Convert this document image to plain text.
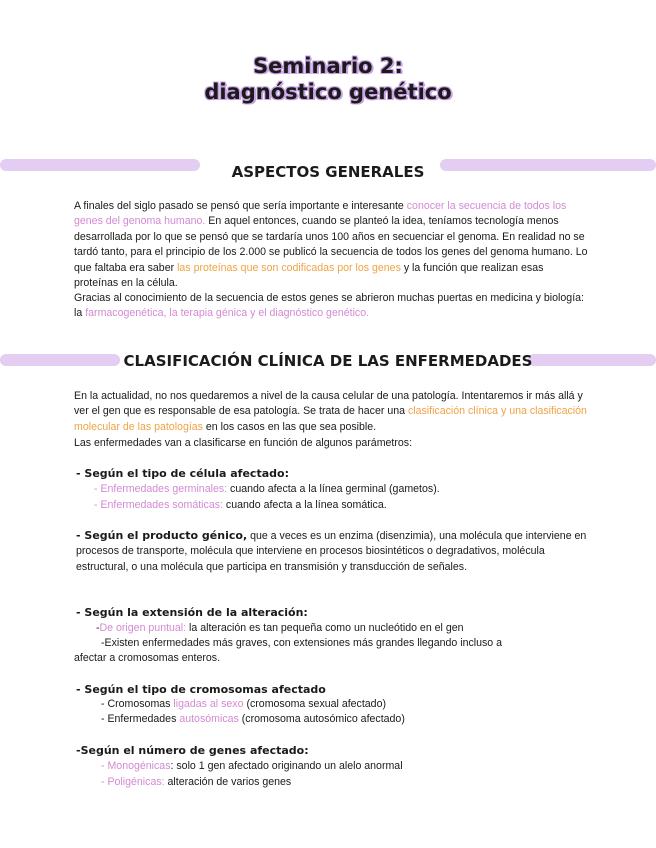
Seminario 2:
diagnóstico genético
ASPECTOS GENERALES

A finales del siglo pasado se pensó que sería importante e interesante conocer la secuencia de todos los genes del genoma humano. En aquel entonces, cuando se planteó la idea, teníamos tecnología menos desarrollada por lo que se pensó que se tardaría unos 100 años en secuenciar el genoma. En realidad no se tardó tanto, para el principio de los 2.000 se publicó la secuencia de todos los genes del genoma humano. Lo que faltaba era saber las proteínas que son codificadas por los genes y la función que realizan esas proteínas en la célula.

Gracias al conocimiento de la secuencia de estos genes se abrieron muchas puertas en medicina y biología: la farmacogenética, la terapia génica y el diagnóstico genético.

CLASIFICACIÓN CLÍNICA DE LAS ENFERMEDADES

En la actualidad, no nos quedaremos a nivel de la causa celular de una patología. Intentaremos ir más allá y ver el gen que es responsable de esa patología. Se trata de hacer una clasificación clínica y una clasificación molecular de las patologías en los casos en las que sea posible.

Las enfermedades van a clasificarse en función de algunos parámetros:

- Según el tipo de célula afectado:

- Enfermedades germinales: cuando afecta a la línea germinal (gametos).

- Enfermedades somáticas: cuando afecta a la línea somática.

- Según el producto génico, que a veces es un enzima (disenzimia), una molécula que interviene en procesos de transporte, molécula que interviene en procesos biosintéticos o degradativos, molécula estructural, o una molécula que participa en transmisión y transducción de señales.

- Según la extensión de la alteración:

-De origen puntual: la alteración es tan pequeña como un nucleótido en el gen

-Existen enfermedades más graves, con extensiones más grandes llegando incluso a

afectar a cromosomas enteros.

- Según el tipo de cromosomas afectado

- Cromosomas ligadas al sexo (cromosoma sexual afectado)

- Enfermedades autosómicas (cromosoma autosómico afectado)

-Según el número de genes afectado:

- Monogénicas: solo 1 gen afectado originando un alelo anormal

- Poligénicas: alteración de varios genes
